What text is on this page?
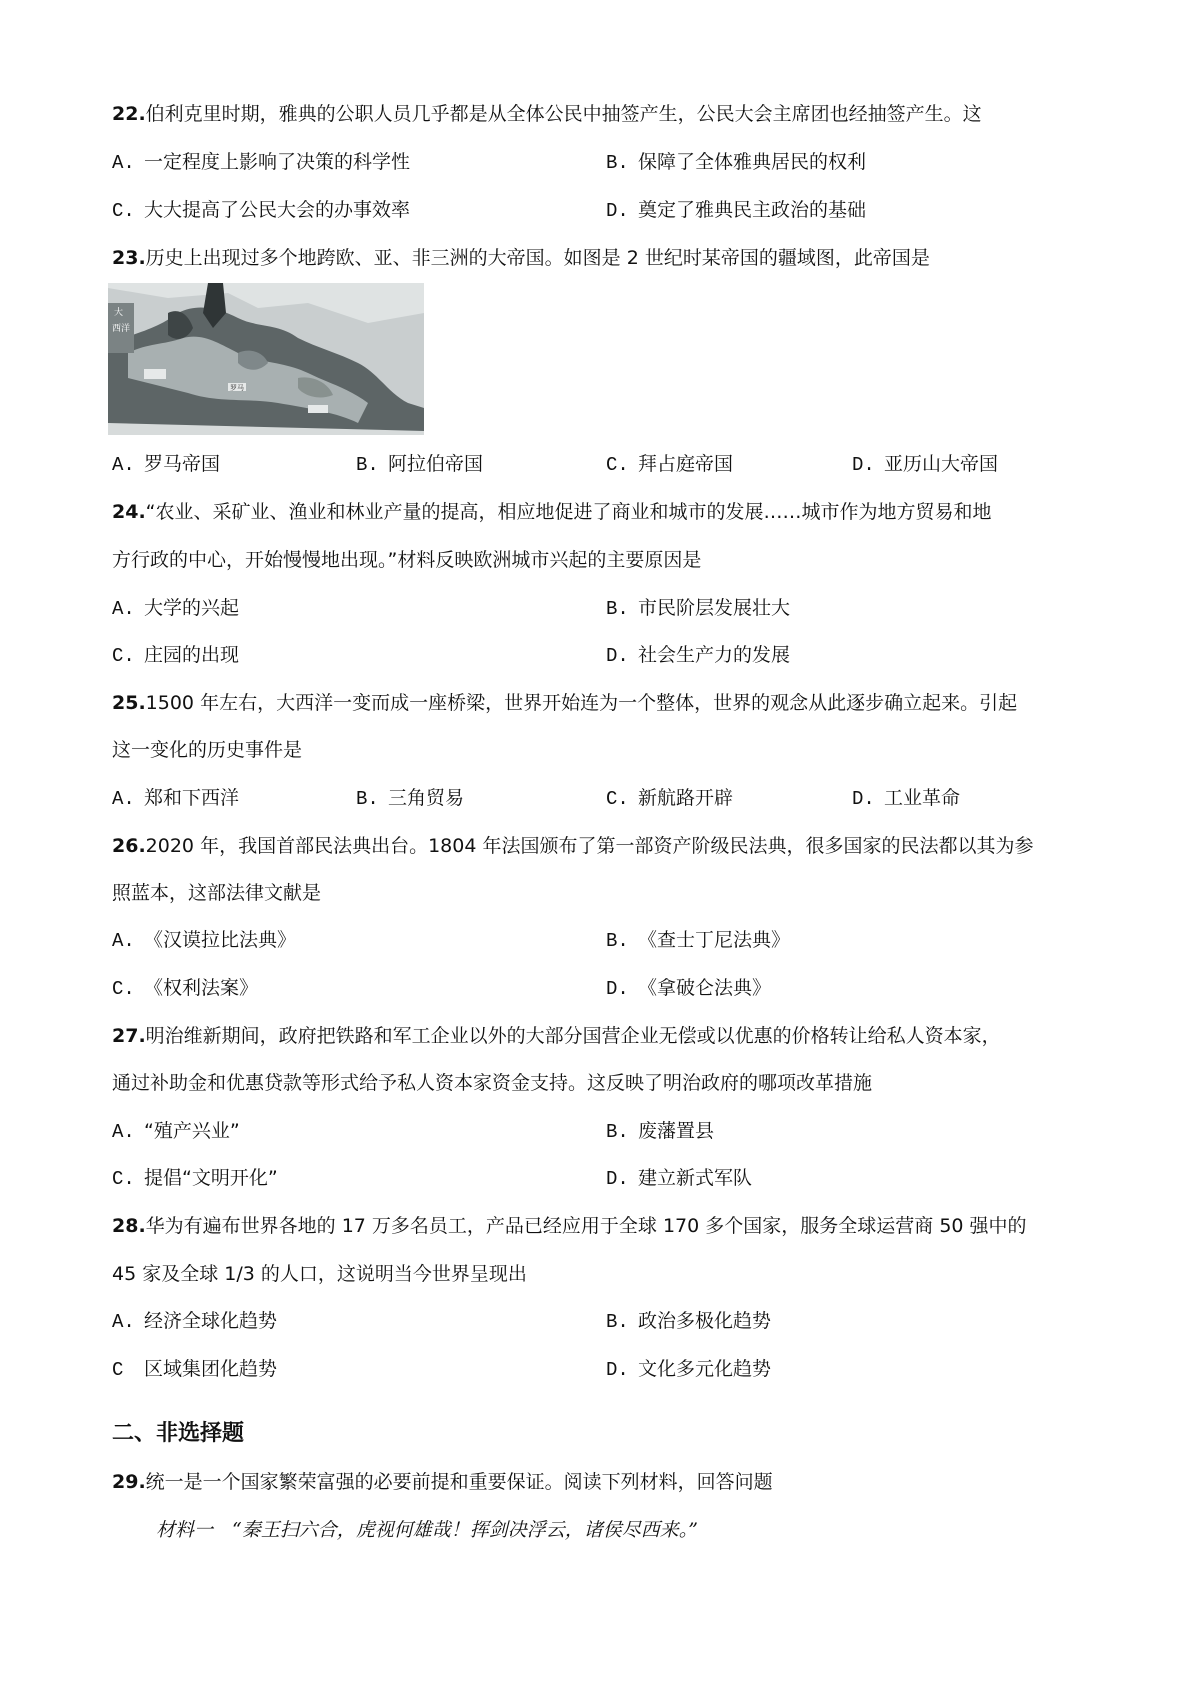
22.伯利克里时期，雅典的公职人员几乎都是从全体公民中抽签产生，公民大会主席团也经抽签产生。这
A. 一定程度上影响了决策的科学性	B. 保障了全体雅典居民的权利
C. 大大提高了公民大会的办事效率	D. 奠定了雅典民主政治的基础
23.历史上出现过多个地跨欧、亚、非三洲的大帝国。如图是 2 世纪时某帝国的疆域图，此帝国是
大
西洋
罗马
A. 罗马帝国	B. 阿拉伯帝国	C. 拜占庭帝国	D. 亚历山大帝国
24.“农业、采矿业、渔业和林业产量的提高，相应地促进了商业和城市的发展……城市作为地方贸易和地
方行政的中心，开始慢慢地出现。”材料反映欧洲城市兴起的主要原因是
A. 大学的兴起	B. 市民阶层发展壮大
C. 庄园的出现	D. 社会生产力的发展
25.1500 年左右，大西洋一变而成一座桥梁，世界开始连为一个整体，世界的观念从此逐步确立起来。引起
这一变化的历史事件是
A. 郑和下西洋	B. 三角贸易	C. 新航路开辟	D. 工业革命
26.2020 年，我国首部民法典出台。1804 年法国颁布了第一部资产阶级民法典，很多国家的民法都以其为参
照蓝本，这部法律文献是
A. 《汉谟拉比法典》	B. 《查士丁尼法典》
C. 《权利法案》	D. 《拿破仑法典》
27.明治维新期间，政府把铁路和军工企业以外的大部分国营企业无偿或以优惠的价格转让给私人资本家，
通过补助金和优惠贷款等形式给予私人资本家资金支持。这反映了明治政府的哪项改革措施
A. “殖产兴业”	B. 废藩置县
C. 提倡“文明开化”	D. 建立新式军队
28.华为有遍布世界各地的 17 万多名员工，产品已经应用于全球 170 多个国家，服务全球运营商 50 强中的
45 家及全球 1/3 的人口，这说明当今世界呈现出
A. 经济全球化趋势	B. 政治多极化趋势
C 区域集团化趋势	D. 文化多元化趋势
二、非选择题
29.统一是一个国家繁荣富强的必要前提和重要保证。阅读下列材料，回答问题
材料一　“秦王扫六合，虎视何雄哉！挥剑决浮云，诸侯尽西来。”
